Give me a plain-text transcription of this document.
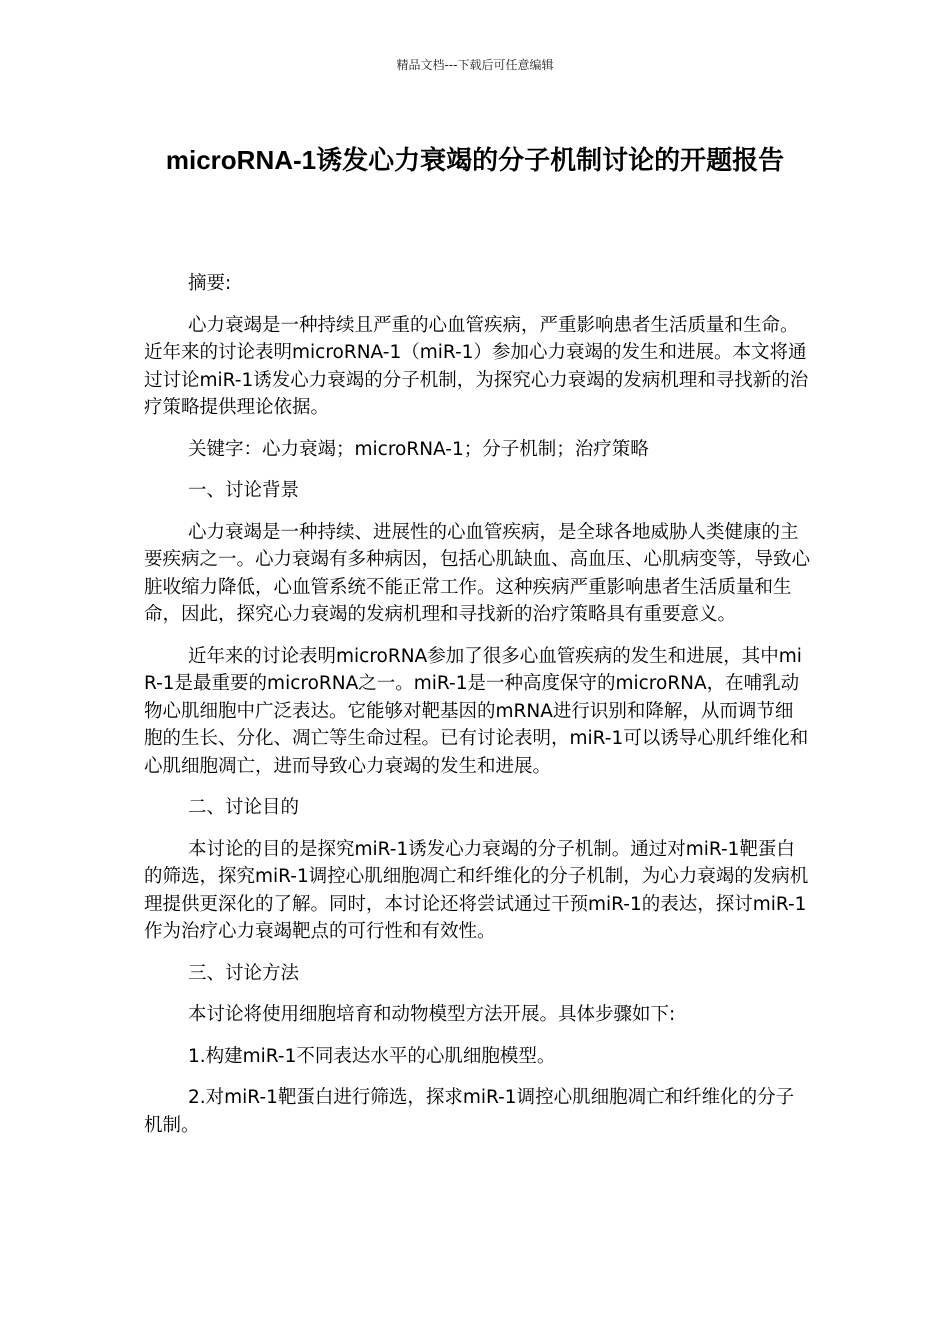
精品文档---下载后可任意编辑
microRNA-1诱发心力衰竭的分子机制讨论的开题报告

摘要:

心力衰竭是一种持续且严重的心血管疾病，严重影响患者生活质量和生命。近年来的讨论表明microRNA-1（miR-1）参加心力衰竭的发生和进展。本文将通过讨论miR-1诱发心力衰竭的分子机制，为探究心力衰竭的发病机理和寻找新的治疗策略提供理论依据。

关键字：心力衰竭；microRNA-1；分子机制；治疗策略

一、讨论背景

心力衰竭是一种持续、进展性的心血管疾病，是全球各地威胁人类健康的主要疾病之一。心力衰竭有多种病因，包括心肌缺血、高血压、心肌病变等，导致心脏收缩力降低，心血管系统不能正常工作。这种疾病严重影响患者生活质量和生命，因此，探究心力衰竭的发病机理和寻找新的治疗策略具有重要意义。

近年来的讨论表明microRNA参加了很多心血管疾病的发生和进展，其中miR-1是最重要的microRNA之一。miR-1是一种高度保守的microRNA，在哺乳动物心肌细胞中广泛表达。它能够对靶基因的mRNA进行识别和降解，从而调节细胞的生长、分化、凋亡等生命过程。已有讨论表明，miR-1可以诱导心肌纤维化和心肌细胞凋亡，进而导致心力衰竭的发生和进展。

二、讨论目的

本讨论的目的是探究miR-1诱发心力衰竭的分子机制。通过对miR-1靶蛋白的筛选，探究miR-1调控心肌细胞凋亡和纤维化的分子机制，为心力衰竭的发病机理提供更深化的了解。同时，本讨论还将尝试通过干预miR-1的表达，探讨miR-1作为治疗心力衰竭靶点的可行性和有效性。

三、讨论方法

本讨论将使用细胞培育和动物模型方法开展。具体步骤如下:

1.构建miR-1不同表达水平的心肌细胞模型。

2.对miR-1靶蛋白进行筛选，探求miR-1调控心肌细胞凋亡和纤维化的分子机制。
